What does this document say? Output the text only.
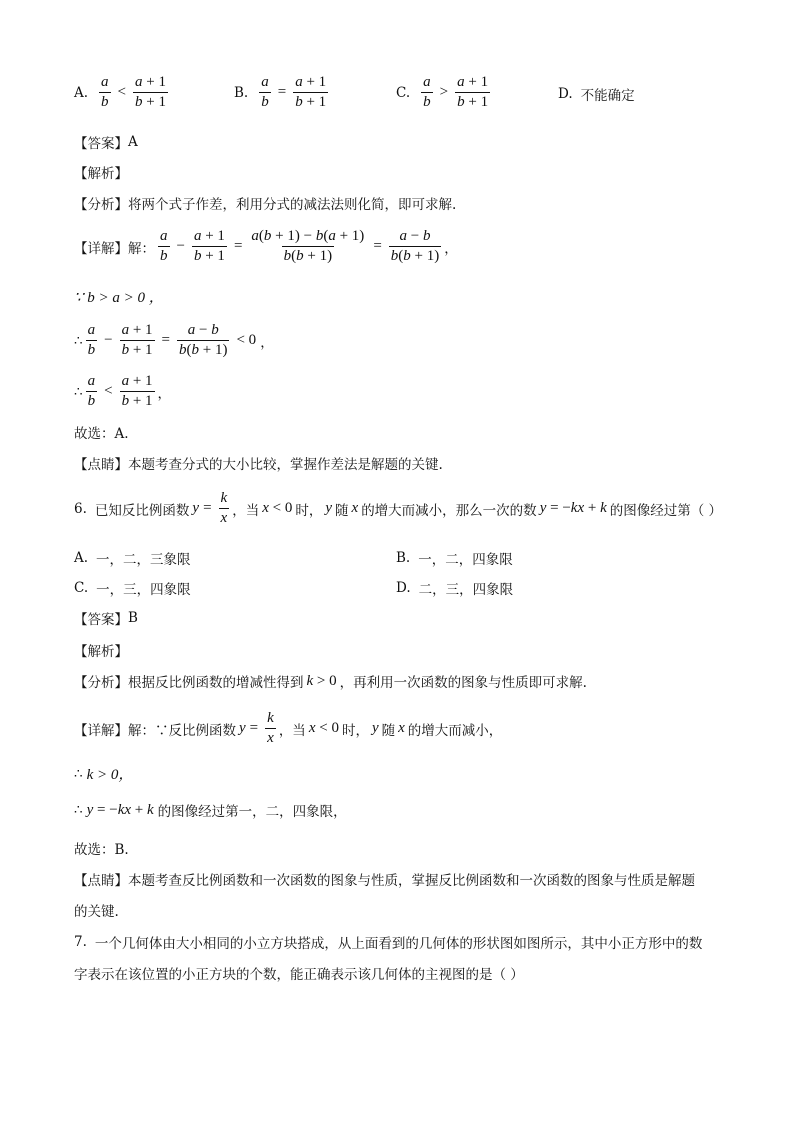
A. $\frac{a}{b} < \frac{a + 1}{b + 1}$	B. $\frac{a}{b} = \frac{a + 1}{b + 1}$	C. $\frac{a}{b} > \frac{a + 1}{b + 1}$	D. 不能确定
【答案】 A
【解析】
【分析】 将两个式子作差，利用分式的减法法则化简，即可求解.
【详解】 解： $\frac{a}{b} - \frac{a + 1}{b + 1} = \frac{a(b + 1) - b(a + 1)}{b(b + 1)} = \frac{a - b}{b(b + 1)}$ ，
∵ b > a > 0 ，
∴ $\frac{a}{b} - \frac{a + 1}{b + 1} = \frac{a - b}{b(b + 1)} < 0$ ，
∴ $\frac{a}{b} < \frac{a + 1}{b + 1}$ ，
故选：A.
【点睛】 本题考查分式的大小比较，掌握作差法是解题的关键.
6. 已知反比例函数 $y = \frac{k}{x}$ ，当 x < 0 时， y 随 x 的增大而减小，那么一次的数 y = −kx + k 的图像经过第（ ）
A. 一，二，三象限	B. 一，二，四象限
C. 一，三，四象限	D. 二，三，四象限
【答案】 B
【解析】
【分析】 根据反比例函数的增减性得到 k > 0 ，再利用一次函数的图象与性质即可求解.
【详解】 解：∵反比例函数 $y = \frac{k}{x}$ ，当 x < 0 时， y 随 x 的增大而减小，
∴ k > 0，
∴ y = −kx + k 的图像经过第一，二，四象限，
故选：B.
【点睛】 本题考查反比例函数和一次函数的图象与性质，掌握反比例函数和一次函数的图象与性质是解题
的关键.
7. 一个几何体由大小相同的小立方块搭成，从上面看到的几何体的形状图如图所示，其中小正方形中的数
字表示在该位置的小正方块的个数，能正确表示该几何体的主视图的是（ ）
